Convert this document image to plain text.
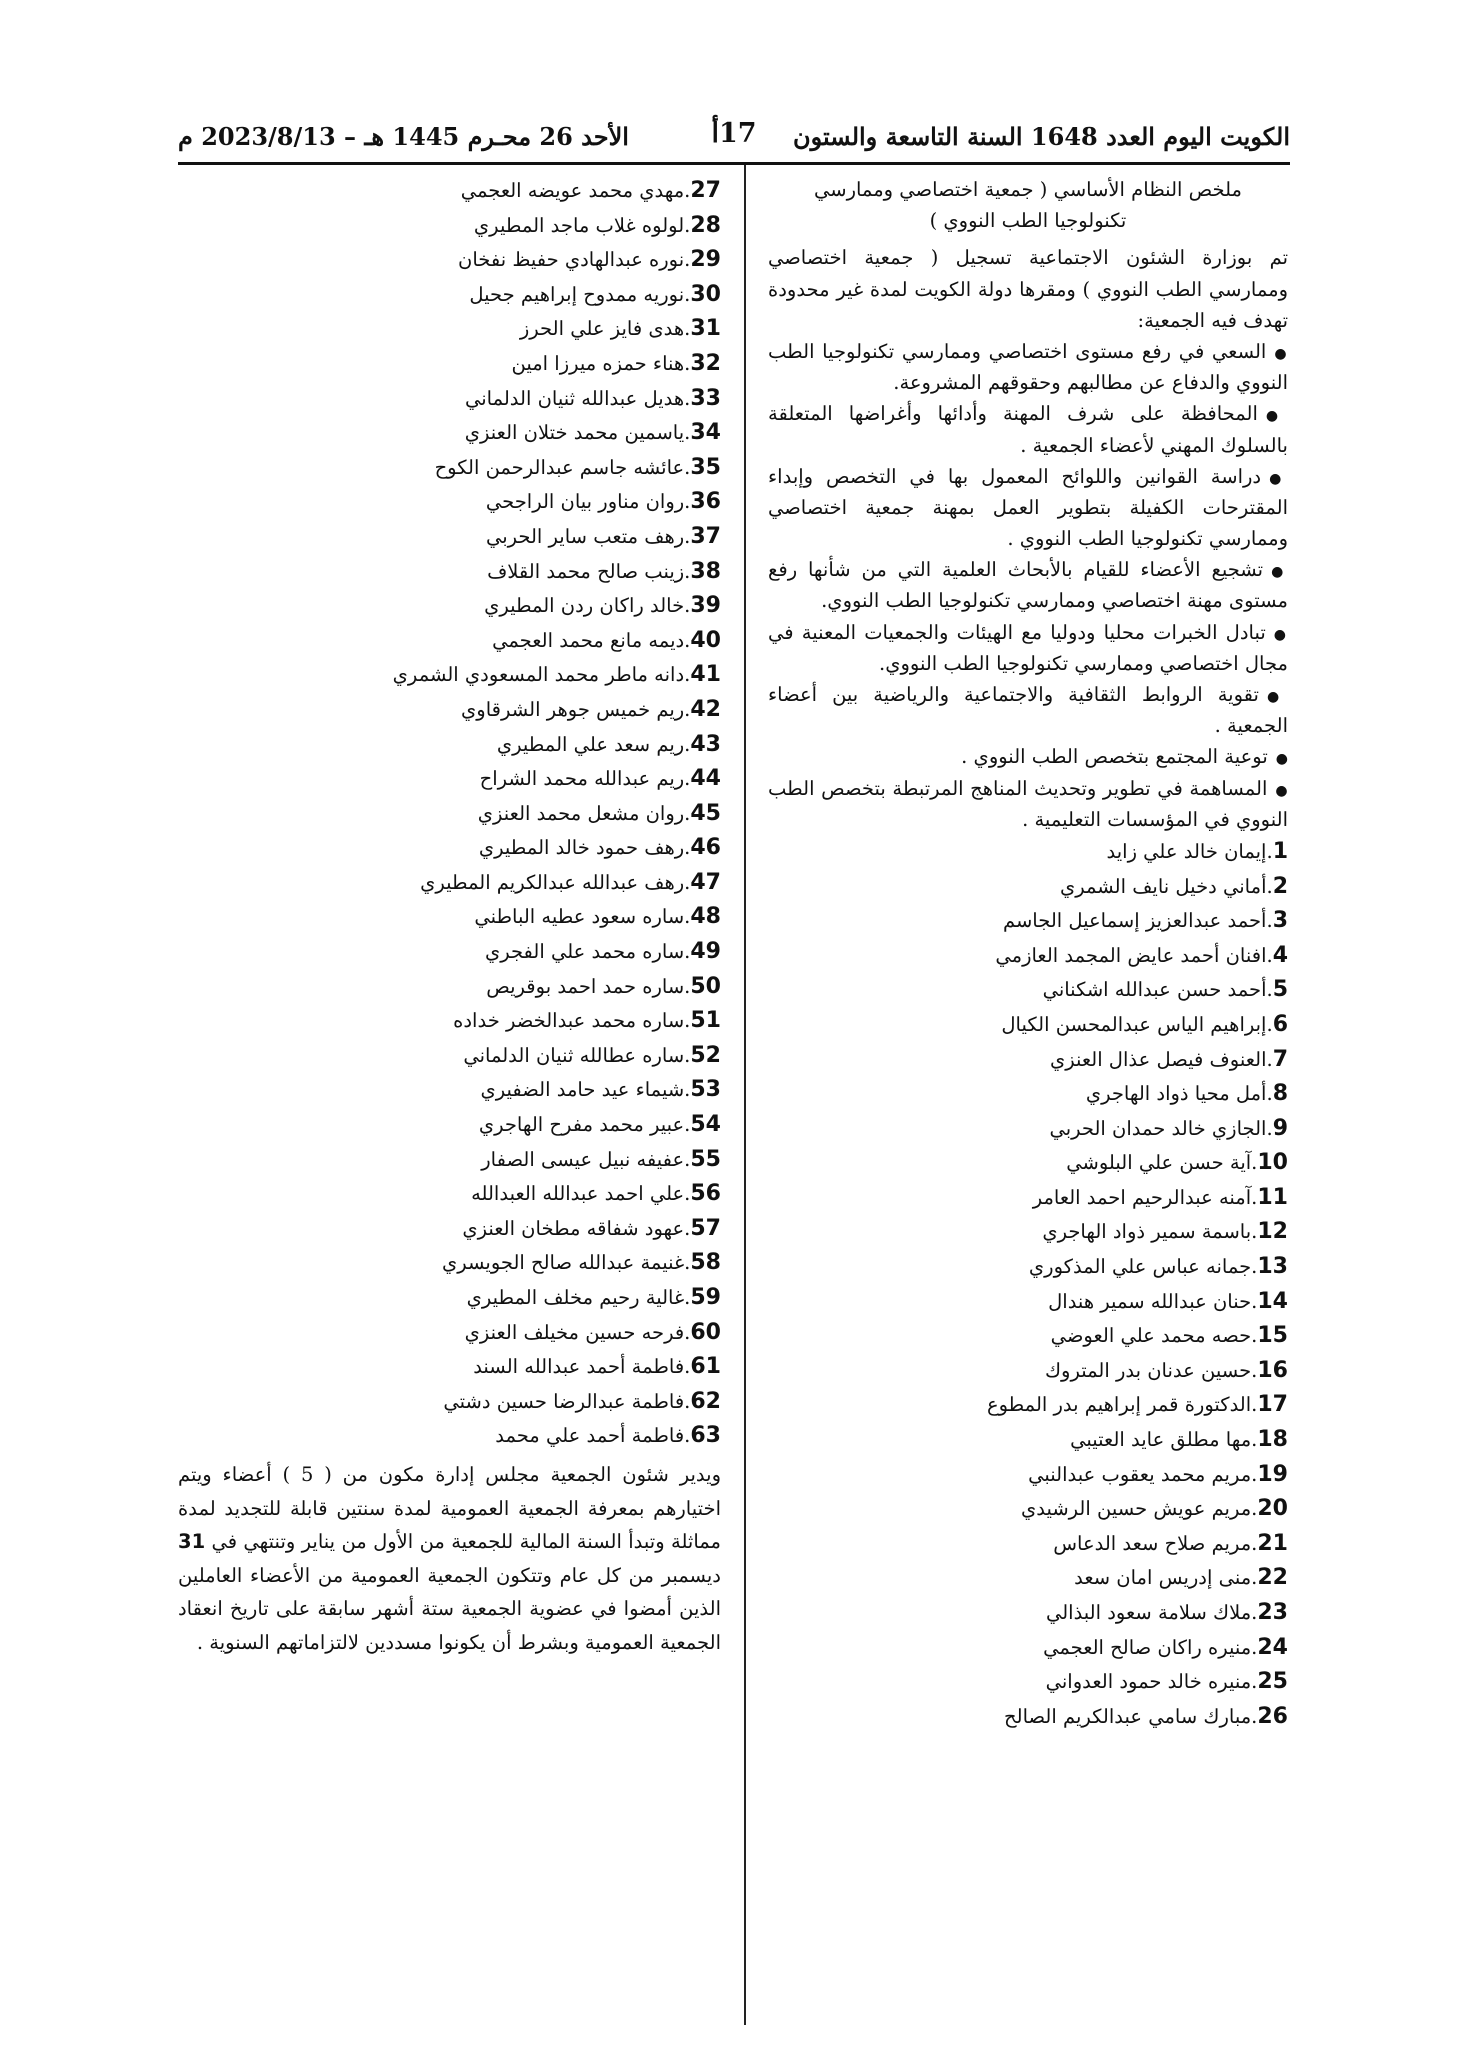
الكويت اليوم العدد 1648 السنة التاسعة والستون
17أ
الأحد 26 محـرم 1445 هـ – 2023/8/13 م

ملخص النظام الأساسي ( جمعية اختصاصي وممارسي
تكنولوجيا الطب النووي )

تم بوزارة الشئون الاجتماعية تسجيل ( جمعية اختصاصي وممارسي الطب النووي ) ومقرها دولة الكويت لمدة غير محدودة تهدف فيه الجمعية:

●السعي في رفع مستوى اختصاصي وممارسي تكنولوجيا الطب النووي والدفاع عن مطالبهم وحقوقهم المشروعة.
●المحافظة على شرف المهنة وأدائها وأغراضها المتعلقة بالسلوك المهني لأعضاء الجمعية .
●دراسة القوانين واللوائح المعمول بها في التخصص وإبداء المقترحات الكفيلة بتطوير العمل بمهنة جمعية اختصاصي وممارسي تكنولوجيا الطب النووي .
●تشجيع الأعضاء للقيام بالأبحاث العلمية التي من شأنها رفع مستوى مهنة اختصاصي وممارسي تكنولوجيا الطب النووي.
●تبادل الخبرات محليا ودوليا مع الهيئات والجمعيات المعنية في مجال اختصاصي وممارسي تكنولوجيا الطب النووي.
●تقوية الروابط الثقافية والاجتماعية والرياضية بين أعضاء الجمعية .
●توعية المجتمع بتخصص الطب النووي .
●المساهمة في تطوير وتحديث المناهج المرتبطة بتخصص الطب النووي في المؤسسات التعليمية .
1.إيمان خالد علي زايد
2.أماني دخيل نايف الشمري
3.أحمد عبدالعزيز إسماعيل الجاسم
4.افنان أحمد عايض المجمد العازمي
5.أحمد حسن عبدالله اشكناني
6.إبراهيم الياس عبدالمحسن الكيال
7.العنوف فيصل عذال العنزي
8.أمل محيا ذواد الهاجري
9.الجازي خالد حمدان الحربي
10.آية حسن علي البلوشي
11.آمنه عبدالرحيم احمد العامر
12.باسمة سمير ذواد الهاجري
13.جمانه عباس علي المذكوري
14.حنان عبدالله سمير هندال
15.حصه محمد علي العوضي
16.حسين عدنان بدر المتروك
17.الدكتورة قمر إبراهيم بدر المطوع
18.مها مطلق عايد العتيبي
19.مريم محمد يعقوب عبدالنبي
20.مريم عويش حسين الرشيدي
21.مريم صلاح سعد الدعاس
22.منى إدريس امان سعد
23.ملاك سلامة سعود البذالي
24.منيره راكان صالح العجمي
25.منيره خالد حمود العدواني
26.مبارك سامي عبدالكريم الصالح
27.مهدي محمد عويضه العجمي
28.لولوه غلاب ماجد المطيري
29.نوره عبدالهادي حفيظ نفخان
30.نوريه ممدوح إبراهيم جحيل
31.هدى فايز علي الحرز
32.هناء حمزه ميرزا امين
33.هديل عبدالله ثنيان الدلماني
34.ياسمين محمد ختلان العنزي
35.عائشه جاسم عبدالرحمن الكوح
36.روان مناور بيان الراجحي
37.رهف متعب ساير الحربي
38.زينب صالح محمد القلاف
39.خالد راكان ردن المطيري
40.ديمه مانع محمد العجمي
41.دانه ماطر محمد المسعودي الشمري
42.ريم خميس جوهر الشرقاوي
43.ريم سعد علي المطيري
44.ريم عبدالله محمد الشراح
45.روان مشعل محمد العنزي
46.رهف حمود خالد المطيري
47.رهف عبدالله عبدالكريم المطيري
48.ساره سعود عطيه الباطني
49.ساره محمد علي الفجري
50.ساره حمد احمد بوقريص
51.ساره محمد عبدالخضر خداده
52.ساره عطالله ثنيان الدلماني
53.شيماء عيد حامد الضفيري
54.عبير محمد مفرح الهاجري
55.عفيفه نبيل عيسى الصفار
56.علي احمد عبدالله العبدالله
57.عهود شفاقه مطخان العنزي
58.غنيمة عبدالله صالح الجويسري
59.غالية رحيم مخلف المطيري
60.فرحه حسين مخيلف العنزي
61.فاطمة أحمد عبدالله السند
62.فاطمة عبدالرضا حسين دشتي
63.فاطمة أحمد علي محمد

ويدير شئون الجمعية مجلس إدارة مكون من ( 5 ) أعضاء ويتم اختيارهم بمعرفة الجمعية العمومية لمدة سنتين قابلة للتجديد لمدة مماثلة وتبدأ السنة المالية للجمعية من الأول من يناير وتنتهي في 31 ديسمبر من كل عام وتتكون الجمعية العمومية من الأعضاء العاملين الذين أمضوا في عضوية الجمعية ستة أشهر سابقة على تاريخ انعقاد الجمعية العمومية وبشرط أن يكونوا مسددين لالتزاماتهم السنوية .
